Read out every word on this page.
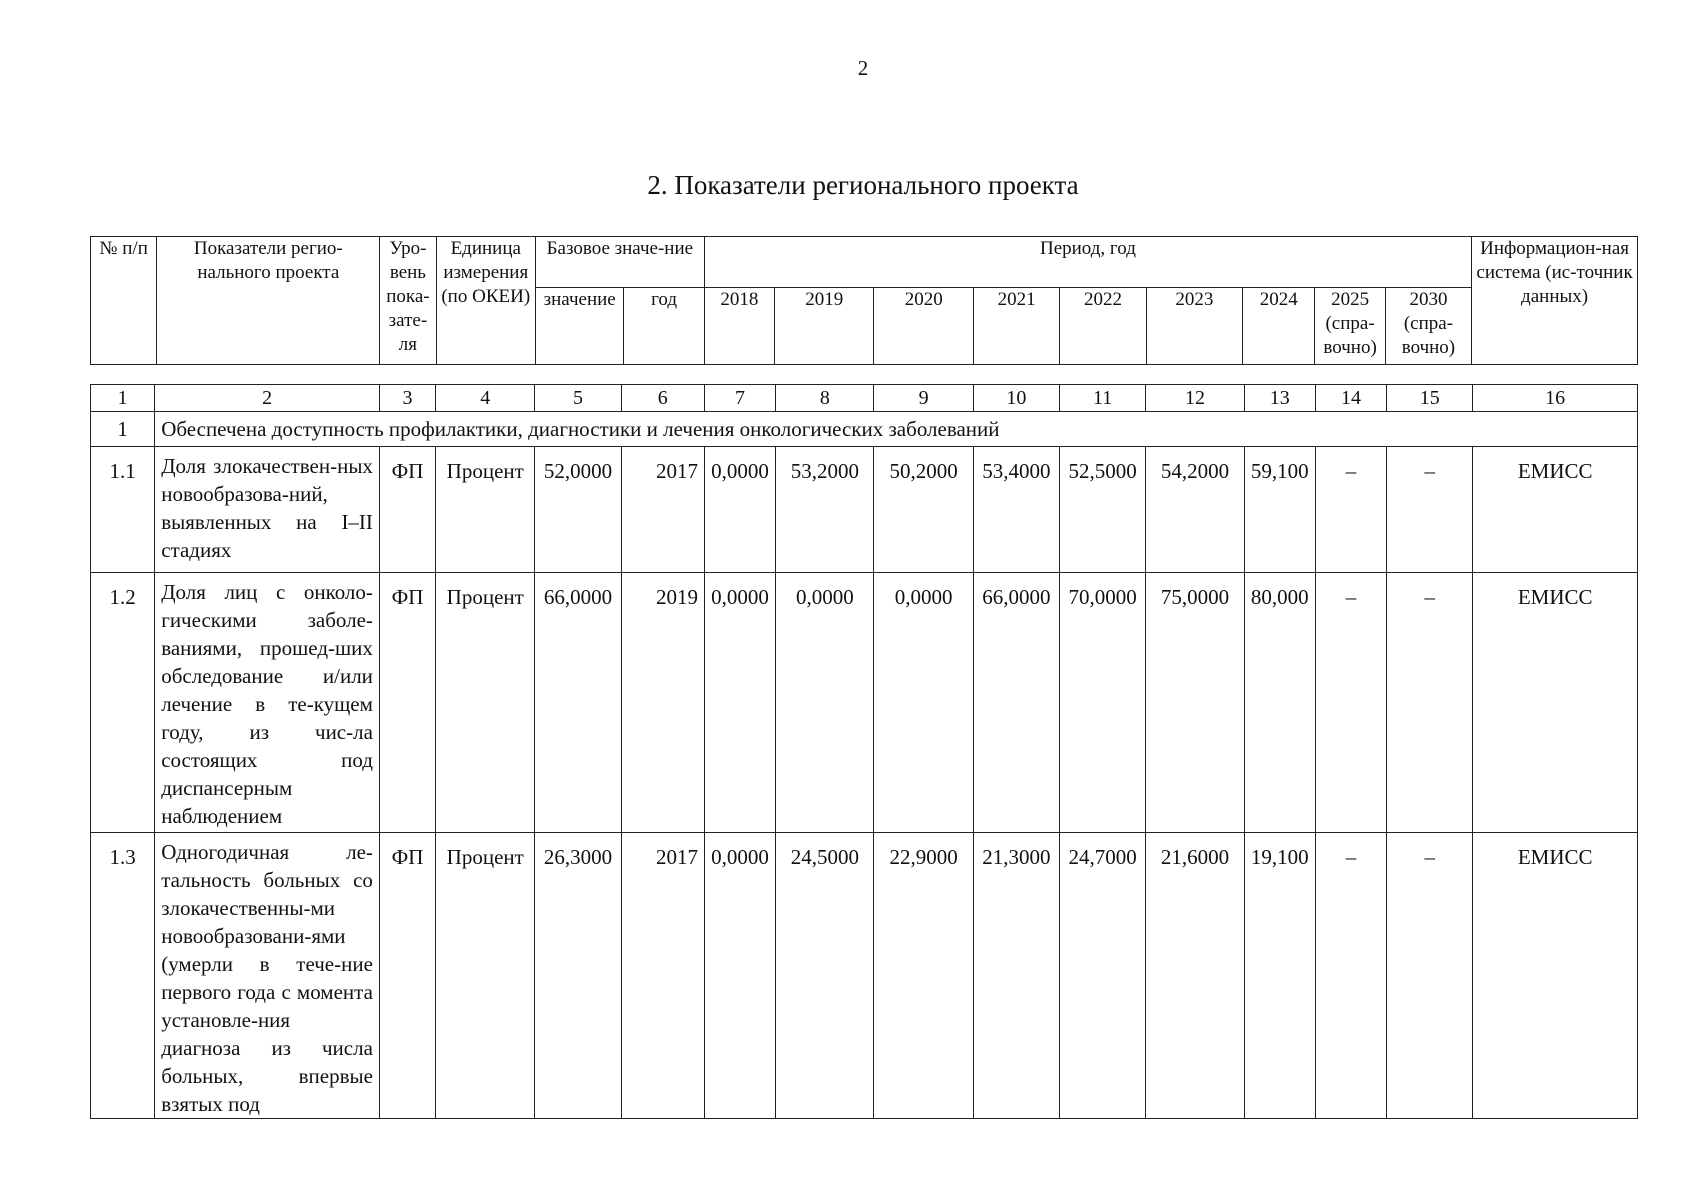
2
2. Показатели регионального проекта
№ п/п	Показатели регио-нального проекта	Уро-вень пока-зате-ля	Единица измерения (по ОКЕИ)	Базовое значе-ние		Период, год									Информацион-ная система (ис-точник данных)
				значение	год	2018	2019	2020	2021	2022	2023	2024	2025 (спра-вочно)	2030 (спра-вочно)	
1	2	3	4	5	6	7	8	9	10	11	12	13	14	15	16
1	Обеспечена доступность профилактики, диагностики и лечения онкологических заболеваний														
1.1	Доля злокачествен-ных новообразова-ний, выявленных на I–II стадиях	ФП	Процент	52,0000	2017	0,0000	53,2000	50,2000	53,4000	52,5000	54,2000	59,100	–	–	ЕМИСС
1.2	Доля лиц с онколо-гическими заболе-ваниями, прошед-ших обследование и/или лечение в те-кущем году, из чис-ла состоящих под диспансерным наблюдением	ФП	Процент	66,0000	2019	0,0000	0,0000	0,0000	66,0000	70,0000	75,0000	80,000	–	–	ЕМИСС
1.3	Одногодичная ле-тальность больных со злокачественны-ми новообразовани-ями (умерли в тече-ние первого года с момента установле-ния диагноза из числа больных, впервые взятых под	ФП	Процент	26,3000	2017	0,0000	24,5000	22,9000	21,3000	24,7000	21,6000	19,100	–	–	ЕМИСС
